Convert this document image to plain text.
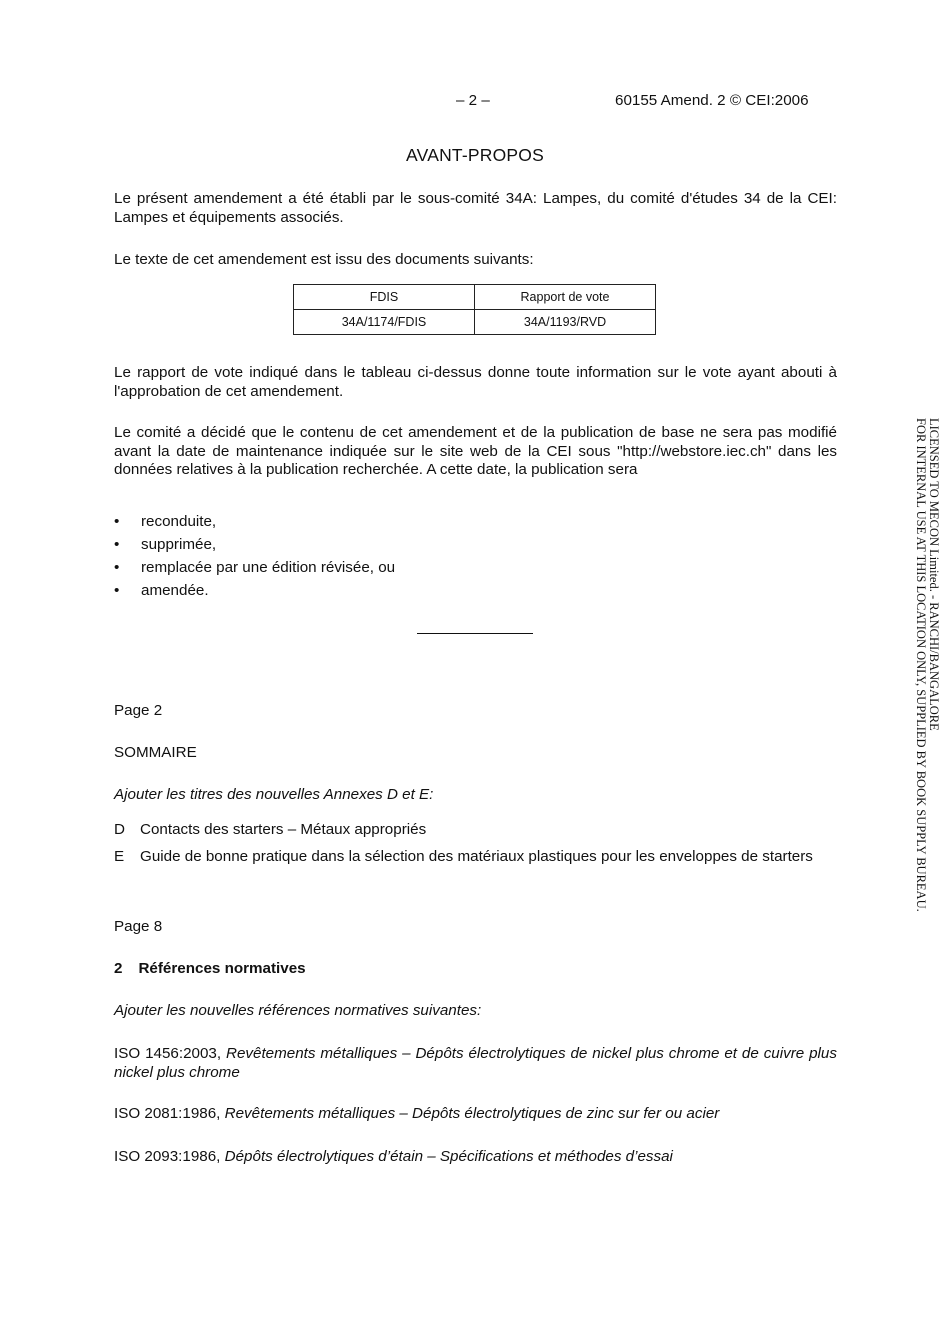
– 2 –	60155 Amend. 2 © CEI:2006
AVANT-PROPOS
Le présent amendement a été établi par le sous-comité 34A: Lampes, du comité d'études 34 de la CEI: Lampes et équipements associés.
Le texte de cet amendement est issu des documents suivants:
FDIS	Rapport de vote
34A/1174/FDIS	34A/1193/RVD
Le rapport de vote indiqué dans le tableau ci-dessus donne toute information sur le vote ayant abouti à l'approbation de cet amendement.
Le comité a décidé que le contenu de cet amendement et de la publication de base ne sera pas modifié avant la date de maintenance indiquée sur le site web de la CEI sous "http://webstore.iec.ch" dans les données relatives à la publication recherchée. A cette date, la publication sera
• reconduite,
• supprimée,
• remplacée par une édition révisée, ou
• amendée.
Page 2
SOMMAIRE
Ajouter les titres des nouvelles Annexes D et E:
D Contacts des starters – Métaux appropriés
E Guide de bonne pratique dans la sélection des matériaux plastiques pour les enveloppes de starters
Page 8
2 Références normatives
Ajouter les nouvelles références normatives suivantes:
ISO 1456:2003, Revêtements métalliques – Dépôts électrolytiques de nickel plus chrome et de cuivre plus nickel plus chrome
ISO 2081:1986, Revêtements métalliques – Dépôts électrolytiques de zinc sur fer ou acier
ISO 2093:1986, Dépôts électrolytiques d’étain – Spécifications et méthodes d’essai
LICENSED TO MECON Limited. - RANCHI/BANGALORE
FOR INTERNAL USE AT THIS LOCATION ONLY, SUPPLIED BY BOOK SUPPLY BUREAU.
